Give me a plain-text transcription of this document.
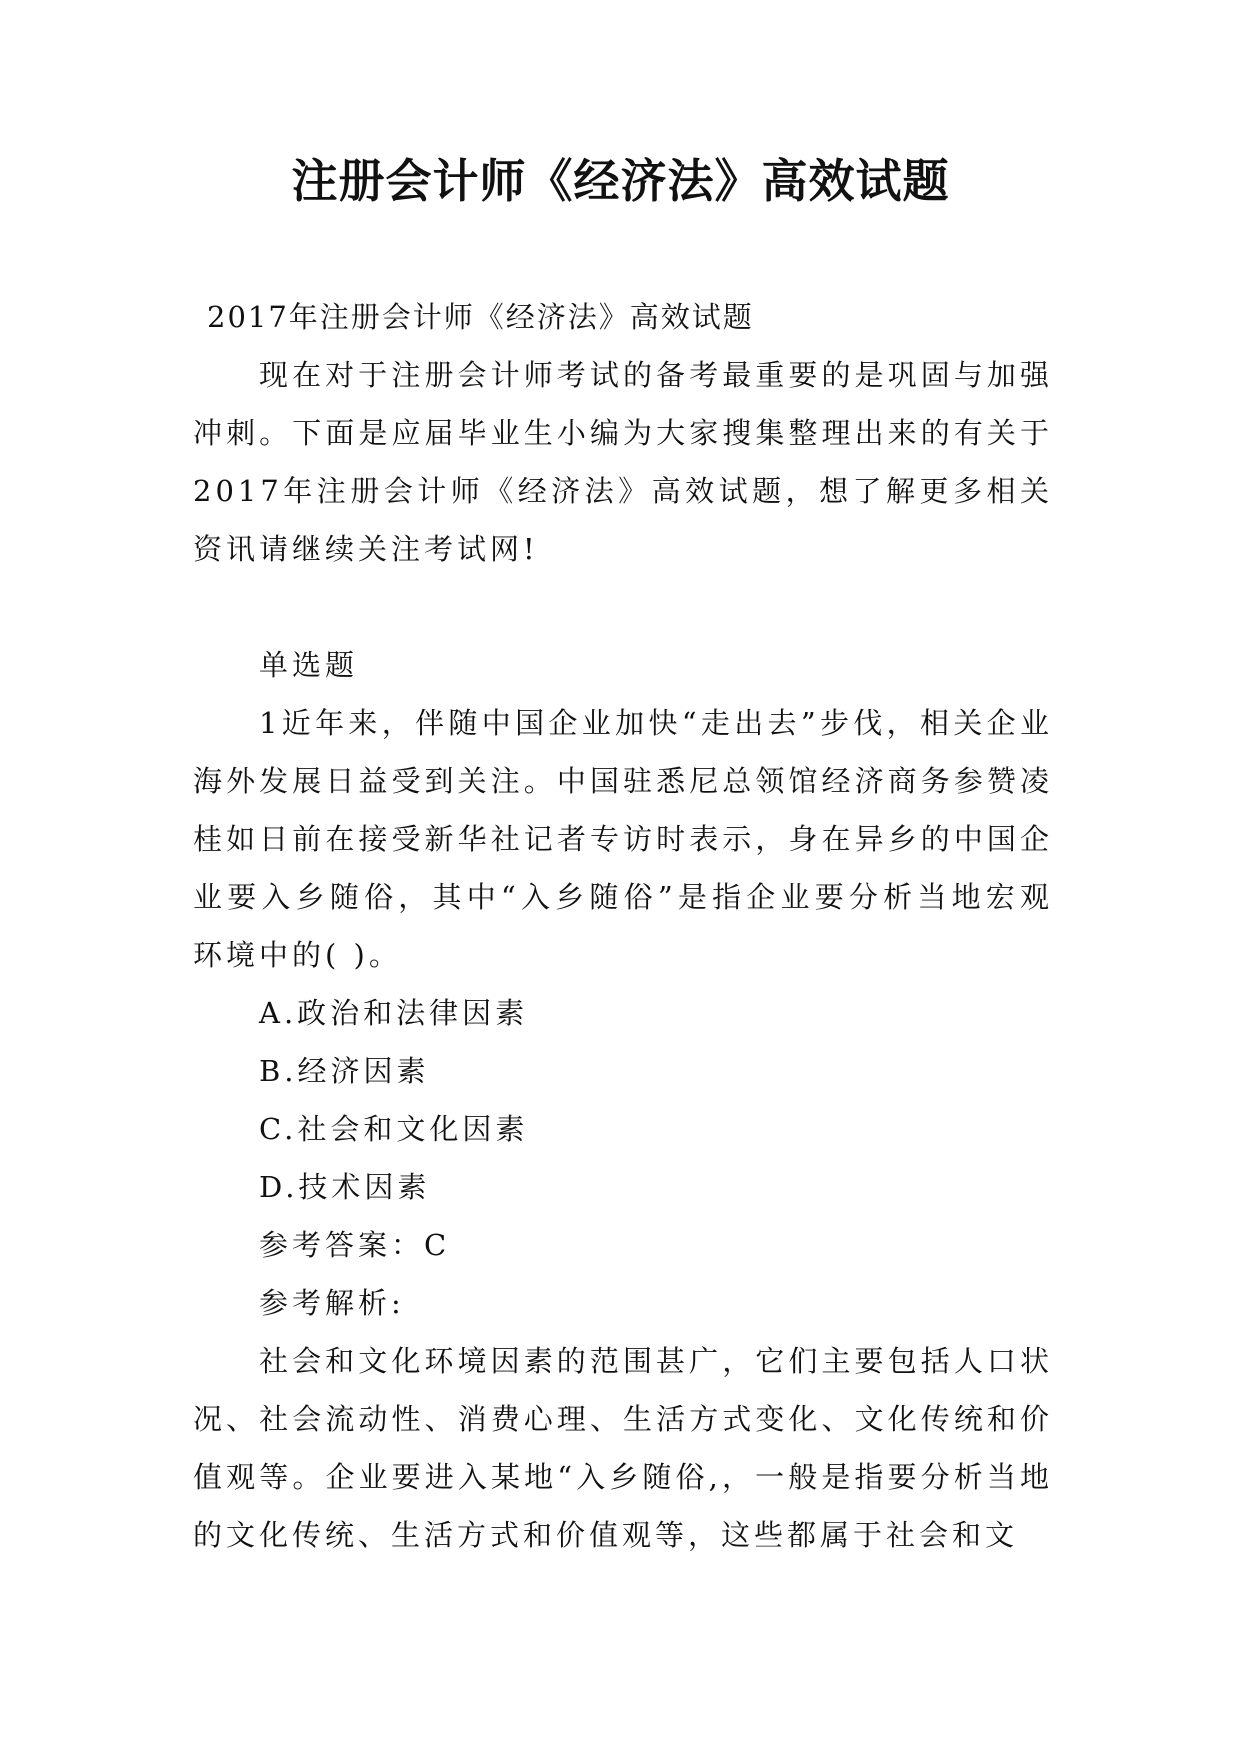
注册会计师《经济法》高效试题

2017年注册会计师《经济法》高效试题

现在对于注册会计师考试的备考最重要的是巩固与加强冲刺。下面是应届毕业生小编为大家搜集整理出来的有关于2017年注册会计师《经济法》高效试题，想了解更多相关资讯请继续关注考试网!

单选题

1近年来，伴随中国企业加快“走出去”步伐，相关企业海外发展日益受到关注。中国驻悉尼总领馆经济商务参赞凌桂如日前在接受新华社记者专访时表示，身在异乡的中国企业要入乡随俗，其中“入乡随俗”是指企业要分析当地宏观环境中的( )。

A.政治和法律因素

B.经济因素

C.社会和文化因素

D.技术因素

参考答案：C

参考解析:

社会和文化环境因素的范围甚广，它们主要包括人口状况、社会流动性、消费心理、生活方式变化、文化传统和价值观等。企业要进入某地“入乡随俗,，一般是指要分析当地的文化传统、生活方式和价值观等，这些都属于社会和文
